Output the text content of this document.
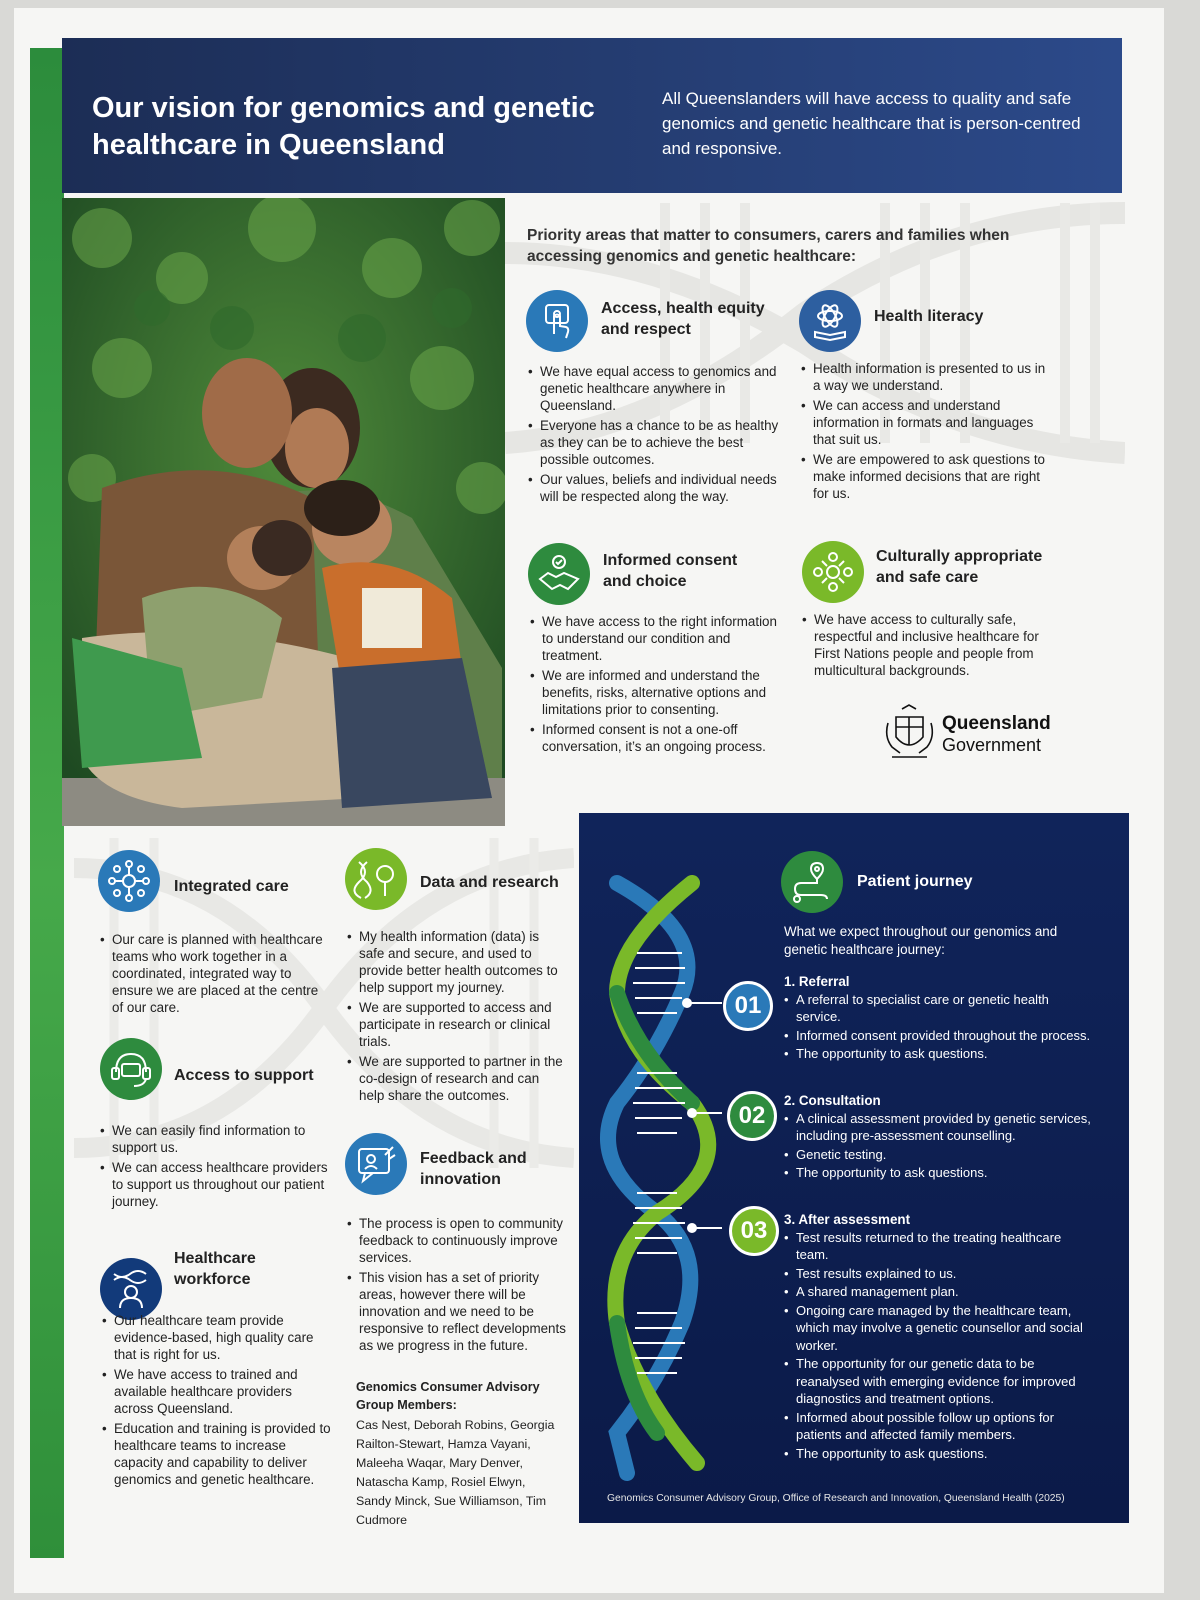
Our vision for genomics and genetic healthcare in Queensland

All Queenslanders will have access to quality and safe genomics and genetic healthcare that is person-centred and responsive.

Priority areas that matter to consumers, carers and families when accessing genomics and genetic healthcare:
Access, health equity and respect
• We have equal access to genomics and genetic healthcare anywhere in Queensland.
• Everyone has a chance to be as healthy as they can be to achieve the best possible outcomes.
• Our values, beliefs and individual needs will be respected along the way.
Health literacy
• Health information is presented to us in a way we understand.
• We can access and understand information in formats and languages that suit us.
• We are empowered to ask questions to make informed decisions that are right for us.
Informed consent and choice
• We have access to the right information to understand our condition and treatment.
• We are informed and understand the benefits, risks, alternative options and limitations prior to consenting.
• Informed consent is not a one-off conversation, it’s an ongoing process.
Culturally appropriate and safe care
• We have access to culturally safe, respectful and inclusive healthcare for First Nations people and people from multicultural backgrounds.
Queensland
Government
Integrated care
• Our care is planned with healthcare teams who work together in a coordinated, integrated way to ensure we are placed at the centre of our care.
Data and research
• My health information (data) is safe and secure, and used to provide better health outcomes to help support my journey.
• We are supported to access and participate in research or clinical trials.
• We are supported to partner in the co-design of research and can help share the outcomes.
Access to support
• We can easily find information to support us.
• We can access healthcare providers to support us throughout our patient journey.
Feedback and innovation
• The process is open to community feedback to continuously improve services.
• This vision has a set of priority areas, however there will be innovation and we need to be responsive to reflect developments as we progress in the future.
Healthcare workforce
• Our healthcare team provide evidence-based, high quality care that is right for us.
• We have access to trained and available healthcare providers across Queensland.
• Education and training is provided to healthcare teams to increase capacity and capability to deliver genomics and genetic healthcare.
Genomics Consumer Advisory Group Members:
Cas Nest, Deborah Robins, Georgia Railton-Stewart, Hamza Vayani, Maleeha Waqar, Mary Denver, Natascha Kamp, Rosiel Elwyn, Sandy Minck, Sue Williamson, Tim Cudmore
01
02
03
Patient journey
What we expect throughout our genomics and genetic healthcare journey:
1. Referral
• A referral to specialist care or genetic health service.
• Informed consent provided throughout the process.
• The opportunity to ask questions.
2. Consultation
• A clinical assessment provided by genetic services, including pre-assessment counselling.
• Genetic testing.
• The opportunity to ask questions.
3. After assessment
• Test results returned to the treating healthcare team.
• Test results explained to us.
• A shared management plan.
• Ongoing care managed by the healthcare team, which may involve a genetic counsellor and social worker.
• The opportunity for our genetic data to be reanalysed with emerging evidence for improved diagnostics and treatment options.
• Informed about possible follow up options for patients and affected family members.
• The opportunity to ask questions.
Genomics Consumer Advisory Group, Office of Research and Innovation, Queensland Health (2025)
